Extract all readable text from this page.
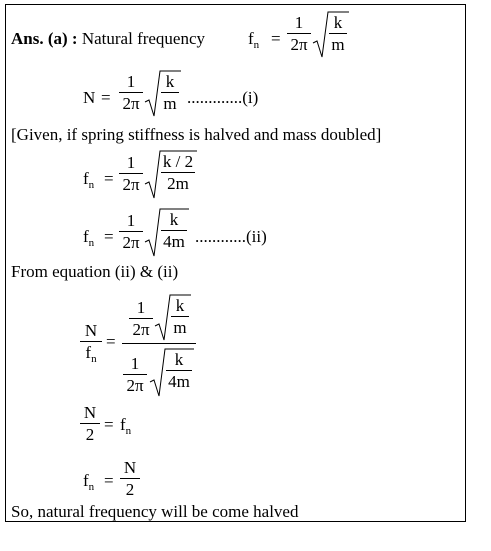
Ans. (a) : Natural frequency	$f_n = \frac{1}{2\pi}$ k
m
$N = \frac{1}{2\pi}$ k
m .............(i)
[Given, if spring stiffness is halved and mass doubled]
$f_n = \frac{1}{2\pi}$ k / 2
2m
$f_n = \frac{1}{2\pi}$	k
4m ............(ii)
From equation (ii) & (ii)
$\frac{N}{f_n}$ =
$\frac{1}{2\pi}$ k
m
$\frac{1}{2\pi}$	k
4m
$\frac{N}{2} = f_n$
$f_n = \frac{N}{2}$
So, natural frequency will be come halved
